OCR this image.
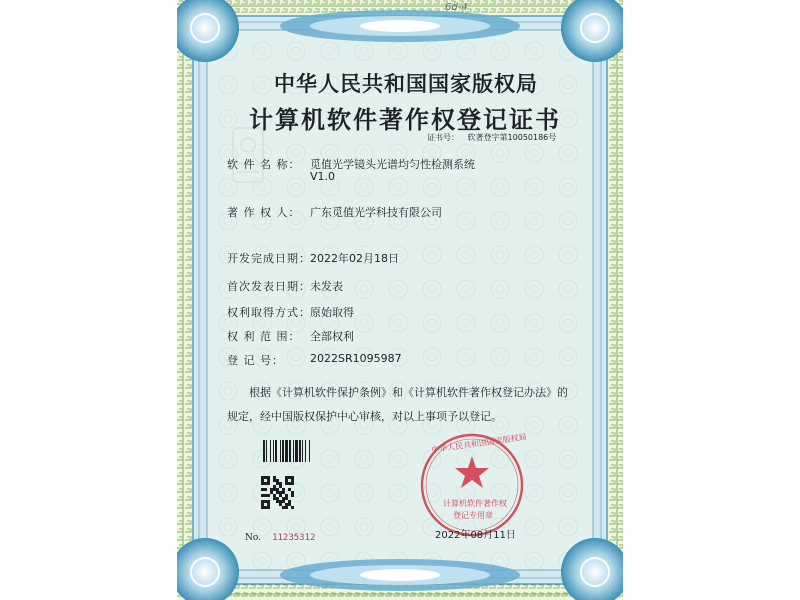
6d-4
中华人民共和国国家版权局
计算机软件著作权登记证书
证书号： 软著登字第10050186号
软 件 名 称： 觅值光学镜头光谱均匀性检测系统
V1.0
著 作 权 人： 广东觅值光学科技有限公司
开发完成日期： 2022年02月18日
首次发表日期： 未发表
权利取得方式： 原始取得
权 利 范 围： 全部权利
登 记 号： 2022SR1095987
根据《计算机软件保护条例》和《计算机软件著作权登记办法》的
规定，经中国版权保护中心审核，对以上事项予以登记。
No. 11235312
中华人民共和国国家版权局
计算机软件著作权
登记专用章
2022年08月11日
